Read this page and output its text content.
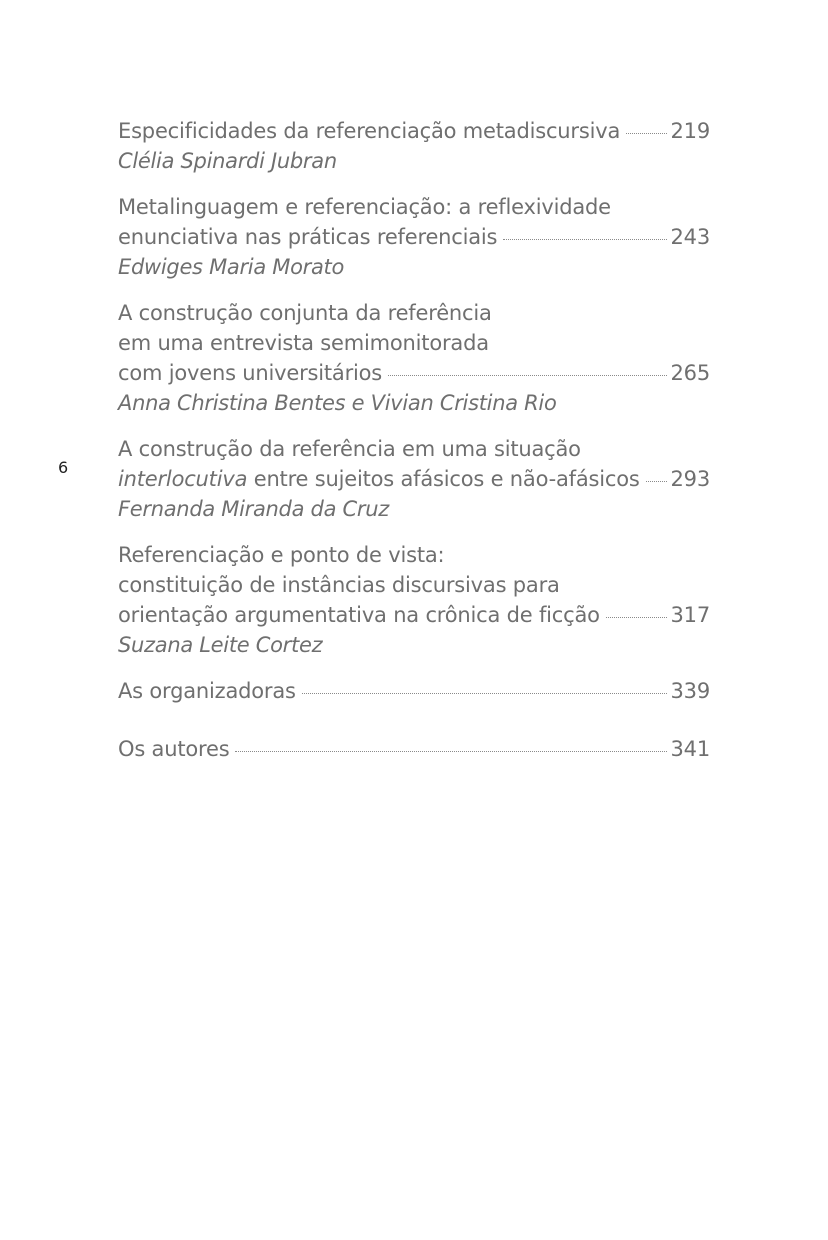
6
Especificidades da referenciação metadiscursiva 219
Clélia Spinardi Jubran
Metalinguagem e referenciação: a reflexividade
enunciativa nas práticas referenciais	243
Edwiges Maria Morato
A construção conjunta da referência
em uma entrevista semimonitorada
com jovens universitários	265
Anna Christina Bentes e Vivian Cristina Rio
A construção da referência em uma situação
interlocutiva entre sujeitos afásicos e não-afásicos 293
Fernanda Miranda da Cruz
Referenciação e ponto de vista:
constituição de instâncias discursivas para
orientação argumentativa na crônica de ficção	317
Suzana Leite Cortez
As organizadoras	339
Os autores	341
